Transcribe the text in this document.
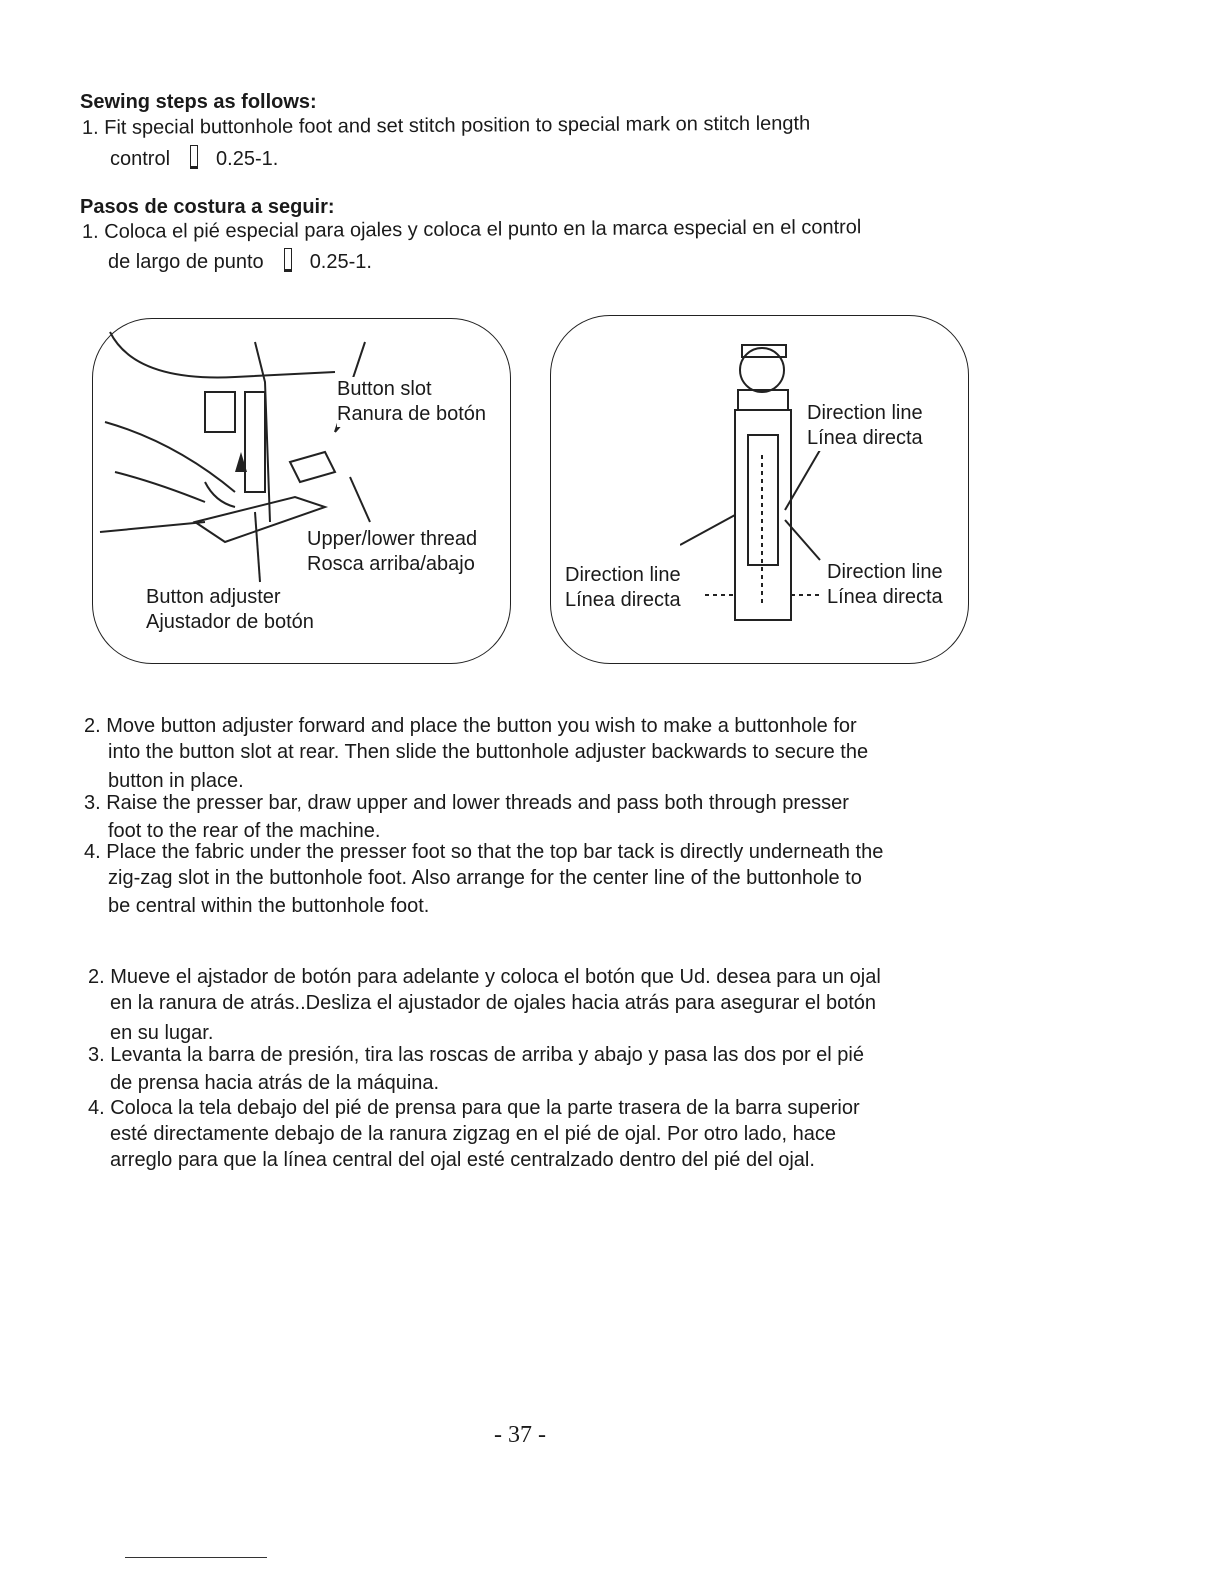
Sewing steps as follows:
1. Fit special buttonhole foot and set stitch position to special mark on stitch length
control 0.25-1.
Pasos de costura a seguir:
1. Coloca el pié especial para ojales y coloca el punto en la marca especial en el control
de largo de punto 0.25-1.
Button slot
Ranura de botón
Upper/lower thread
Rosca arriba/abajo
Button adjuster
Ajustador de botón
Direction line
Línea directa
Direction line
Línea directa
Direction line
Línea directa
2. Move button adjuster forward and place the button you wish to make a buttonhole for
into the button slot at rear. Then slide the buttonhole adjuster backwards to secure the
button in place.
3. Raise the presser bar, draw upper and lower threads and pass both through presser
foot to the rear of the machine.
4. Place the fabric under the presser foot so that the top bar tack is directly underneath the
zig-zag slot in the buttonhole foot. Also arrange for the center line of the buttonhole to
be central within the buttonhole foot.
2. Mueve el ajstador de botón para adelante y coloca el botón que Ud. desea para un ojal
en la ranura de atrás..Desliza el ajustador de ojales hacia atrás para asegurar el botón
en su lugar.
3. Levanta la barra de presión, tira las roscas de arriba y abajo y pasa las dos por el pié
de prensa hacia atrás de la máquina.
4. Coloca la tela debajo del pié de prensa para que la parte trasera de la barra superior
esté directamente debajo de la ranura zigzag en el pié de ojal. Por otro lado, hace
arreglo para que la línea central del ojal esté centralzado dentro del pié del ojal.
- 37 -
